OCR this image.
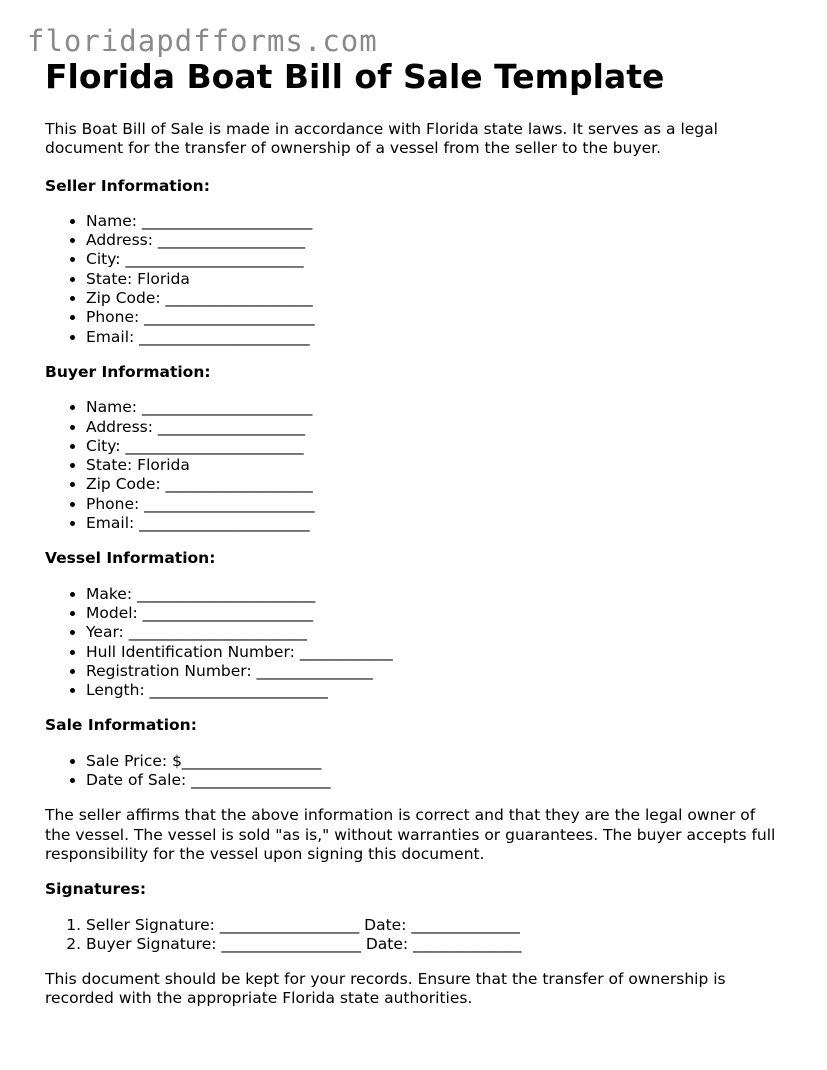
floridapdfforms.com
Florida Boat Bill of Sale Template

This Boat Bill of Sale is made in accordance with Florida state laws. It serves as a legal document for the transfer of ownership of a vessel from the seller to the buyer.

Seller Information:

• Name: ______________________
• Address: ___________________
• City: _______________________
• State: Florida
• Zip Code: ___________________
• Phone: ______________________
• Email: ______________________

Buyer Information:

• Name: ______________________
• Address: ___________________
• City: _______________________
• State: Florida
• Zip Code: ___________________
• Phone: ______________________
• Email: ______________________

Vessel Information:

• Make: _______________________
• Model: ______________________
• Year: _______________________
• Hull Identification Number: ____________
• Registration Number: _______________
• Length: _______________________

Sale Information:

• Sale Price: $__________________
• Date of Sale: __________________

The seller affirms that the above information is correct and that they are the legal owner of the vessel. The vessel is sold "as is," without warranties or guarantees. The buyer accepts full responsibility for the vessel upon signing this document.

Signatures:

1. Seller Signature: __________________ Date: ______________
2. Buyer Signature: __________________ Date: ______________

This document should be kept for your records. Ensure that the transfer of ownership is recorded with the appropriate Florida state authorities.
